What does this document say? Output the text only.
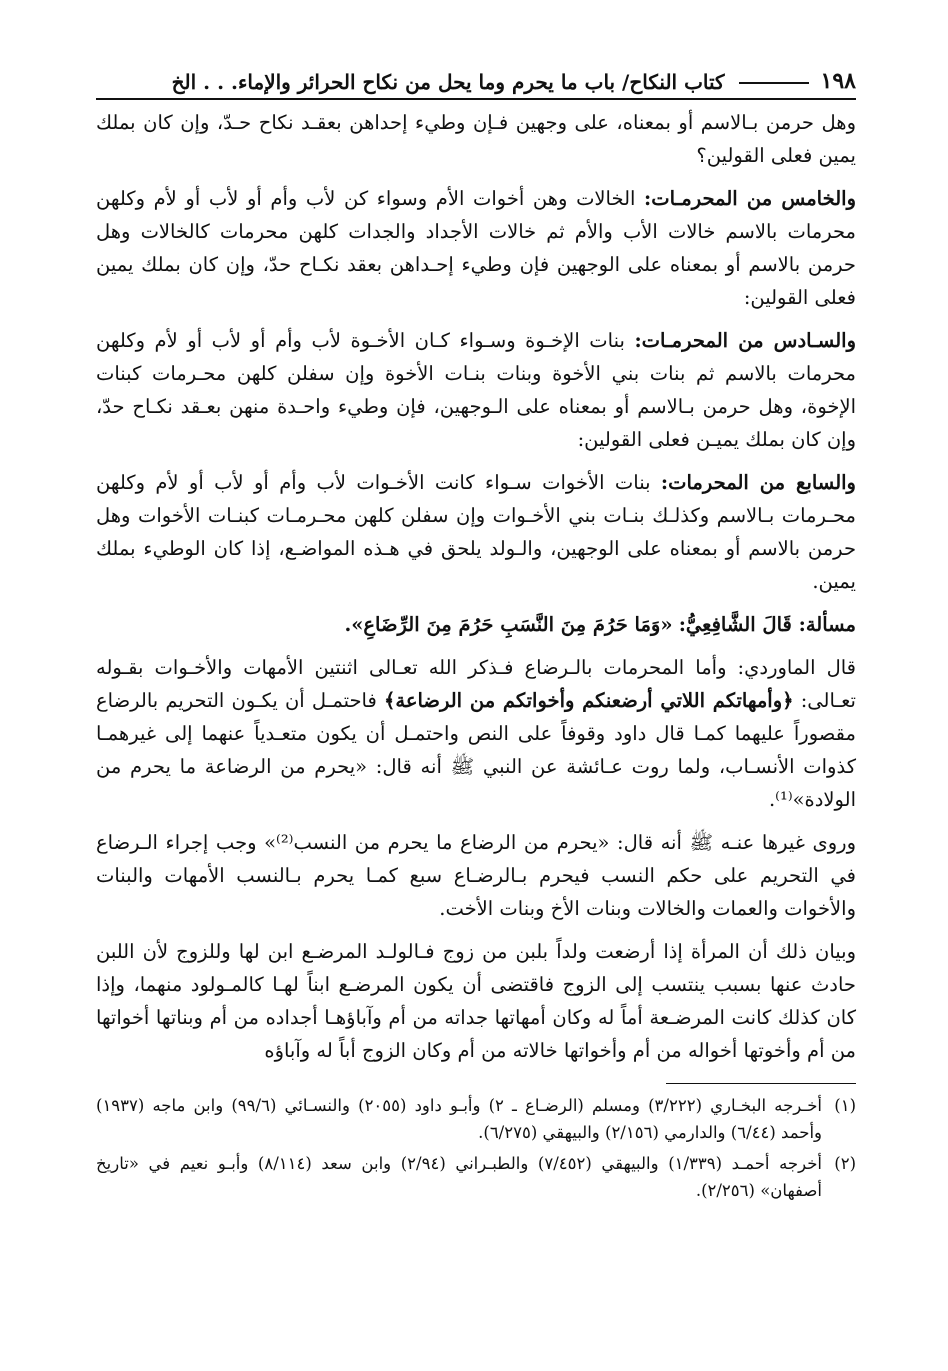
١٩٨
كتاب النكاح/ باب ما يحرم وما يحل من نكاح الحرائر والإماء. . . الخ

وهل حرمن بـالاسم أو بمعناه، على وجهين فـإن وطيء إحداهن بعقـد نكاح حـدّ، وإن كان بملك يمين فعلى القولين؟

والخامس من المحرمـات: الخالات وهن أخوات الأم وسواء كن لأب وأم أو لأب أو لأم وكلهن محرمات بالاسم خالات الأب والأم ثم خالات الأجداد والجدات كلهن محرمات كالخالات وهل حرمن بالاسم أو بمعناه على الوجهين فإن وطيء إحـداهن بعقد نكـاح حدّ، وإن كان بملك يمين فعلى القولين:

والسـادس من المحرمـات: بنات الإخـوة وسـواء كـان الأخـوة لأب وأم أو لأب أو لأم وكلهن محرمات بالاسم ثم بنات بني الأخوة وبنات بنـات الأخوة وإن سفلن كلهن محـرمات كبنات الإخوة، وهل حرمن بـالاسم أو بمعناه على الـوجهين، فإن وطيء واحـدة منهن بعـقد نكـاح حدّ، وإن كان بملك يميـن فعلى القولين:

والسابع من المحرمات: بنات الأخوات سـواء كانت الأخـوات لأب وأم أو لأب أو لأم وكلهن محـرمات بـالاسم وكذلـك بنـات بني الأخـوات وإن سفلن كلهن محـرمـات كبنـات الأخوات وهل حرمن بالاسم أو بمعناه على الوجهين، والـولد يلحق في هـذه المواضـع، إذا كان الوطيء بملك يمين.

مسألة: قَالَ الشَّافِعِيُّ: «وَمَا حَرُمَ مِنَ النَّسَبِ حَرُمَ مِنَ الرِّضَاعِ».

قال الماوردي: وأما المحرمات بالـرضاع فـذكر الله تعـالى اثنتين الأمهات والأخـوات بقـوله تعـالى: ﴿وأمهاتكم اللاتي أرضعنكم وأخواتكم من الرضاعة﴾ فاحتمـل أن يكـون التحريم بالرضاع مقصوراً عليهما كمـا قال داود وقوفاً على النص واحتمـل أن يكون متعـدياً عنهما إلى غيرهمـا كذوات الأنسـاب، ولما روت عـائشة عن النبي ﷺ أنه قال: «يحرم من الرضاعة ما يحرم من الولادة»⁽¹⁾.

وروى غيرها عنـه ﷺ أنه قال: «يحرم من الرضاع ما يحرم من النسب⁽²⁾» وجب إجراء الـرضاع في التحريم على حكم النسب فيحرم بـالرضـاع سبع كمـا يحرم بـالنسب الأمهات والبنات والأخوات والعمات والخالات وبنات الأخ وبنات الأخت.

وبيان ذلك أن المرأة إذا أرضعت ولداً بلبن من زوج فـالولـد المرضـع ابن لها وللزوج لأن اللبن حادث عنها بسبب ينتسب إلى الزوج فاقتضى أن يكون المرضـع ابناً لهـا كالمـولود منهما، وإذا كان كذلك كانت المرضـعة أماً له وكان أمهاتها جداته من أم وآباؤهـا أجداده من أم وبناتها أخواتها من أم وأخوتها أخواله من أم وأخواتها خالاته من أم وكان الزوج أباً له وآباؤه

(١)
أخـرجه البخـاري (٣/٢٢٢) ومسلم (الرضـاع ـ ٢) وأبـو داود (٢٠٥٥) والنسـائي (٩٩/٦) وابن ماجه (١٩٣٧) وأحمد (٦/٤٤) والدارمي (٢/١٥٦) والبيهقي (٦/٢٧٥).
(٢)
أخرجه أحمـد (١/٣٣٩) والبيهقي (٧/٤٥٢) والطبـراني (٢/٩٤) وابن سعد (٨/١١٤) وأبـو نعيم في «تاريخ أصفهان» (٢/٢٥٦).
